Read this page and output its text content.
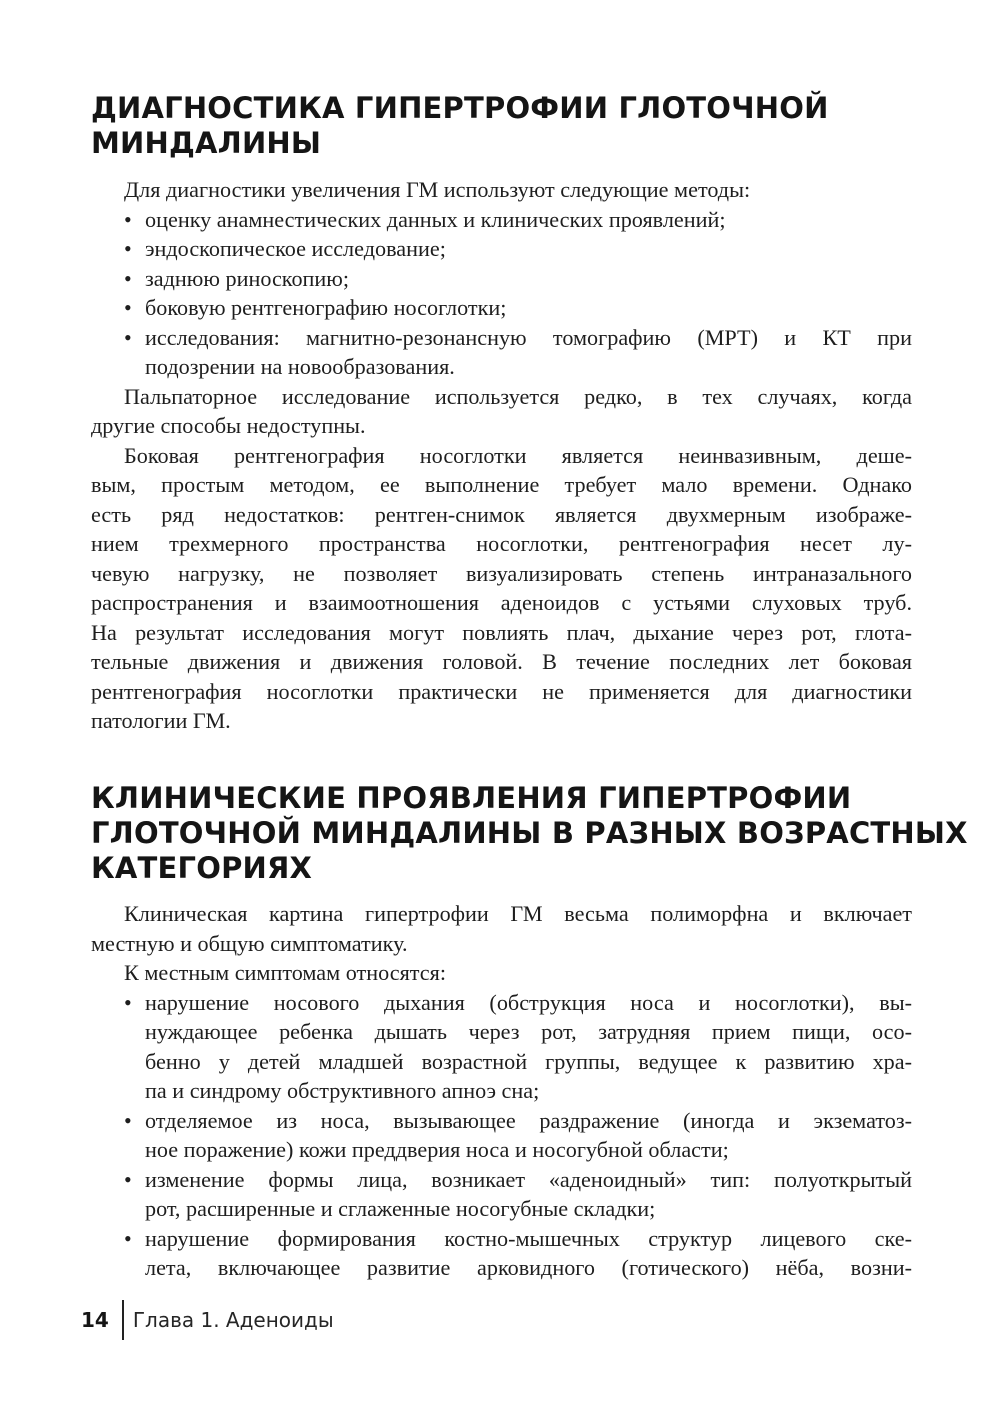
ДИАГНОСТИКА ГИПЕРТРОФИИ ГЛОТОЧНОЙ
МИНДАЛИНЫ
Для диагностики увеличения ГМ используют следующие методы:
• оценку анамнестических данных и клинических проявлений;
• эндоскопическое исследование;
• заднюю риноскопию;
• боковую рентгенографию носоглотки;
• исследования: магнитно-резонансную томографию (МРТ) и КТ при
подозрении на новообразования.
Пальпаторное исследование используется редко, в тех случаях, когда
другие способы недоступны.
Боковая рентгенография носоглотки является неинвазивным, деше-
вым, простым методом, ее выполнение требует мало времени. Однако
есть ряд недостатков: рентген-снимок является двухмерным изображе-
нием трехмерного пространства носоглотки, рентгенография несет лу-
чевую нагрузку, не позволяет визуализировать степень интраназального
распространения и взаимоотношения аденоидов с устьями слуховых труб.
На результат исследования могут повлиять плач, дыхание через рот, глота-
тельные движения и движения головой. В течение последних лет боковая
рентгенография носоглотки практически не применяется для диагностики
патологии ГМ.
КЛИНИЧЕСКИЕ ПРОЯВЛЕНИЯ ГИПЕРТРОФИИ
ГЛОТОЧНОЙ МИНДАЛИНЫ В РАЗНЫХ ВОЗРАСТНЫХ
КАТЕГОРИЯХ
Клиническая картина гипертрофии ГМ весьма полиморфна и включает
местную и общую симптоматику.
К местным симптомам относятся:
• нарушение носового дыхания (обструкция носа и носоглотки), вы-
нуждающее ребенка дышать через рот, затрудняя прием пищи, осо-
бенно у детей младшей возрастной группы, ведущее к развитию хра-
па и синдрому обструктивного апноэ сна;
• отделяемое из носа, вызывающее раздражение (иногда и экзематоз-
ное поражение) кожи преддверия носа и носогубной области;
• изменение формы лица, возникает «аденоидный» тип: полуоткрытый
рот, расширенные и сглаженные носогубные складки;
• нарушение формирования костно-мышечных структур лицевого ске-
лета, включающее развитие арковидного (готического) нёба, возни-
14 Глава 1. Аденоиды
